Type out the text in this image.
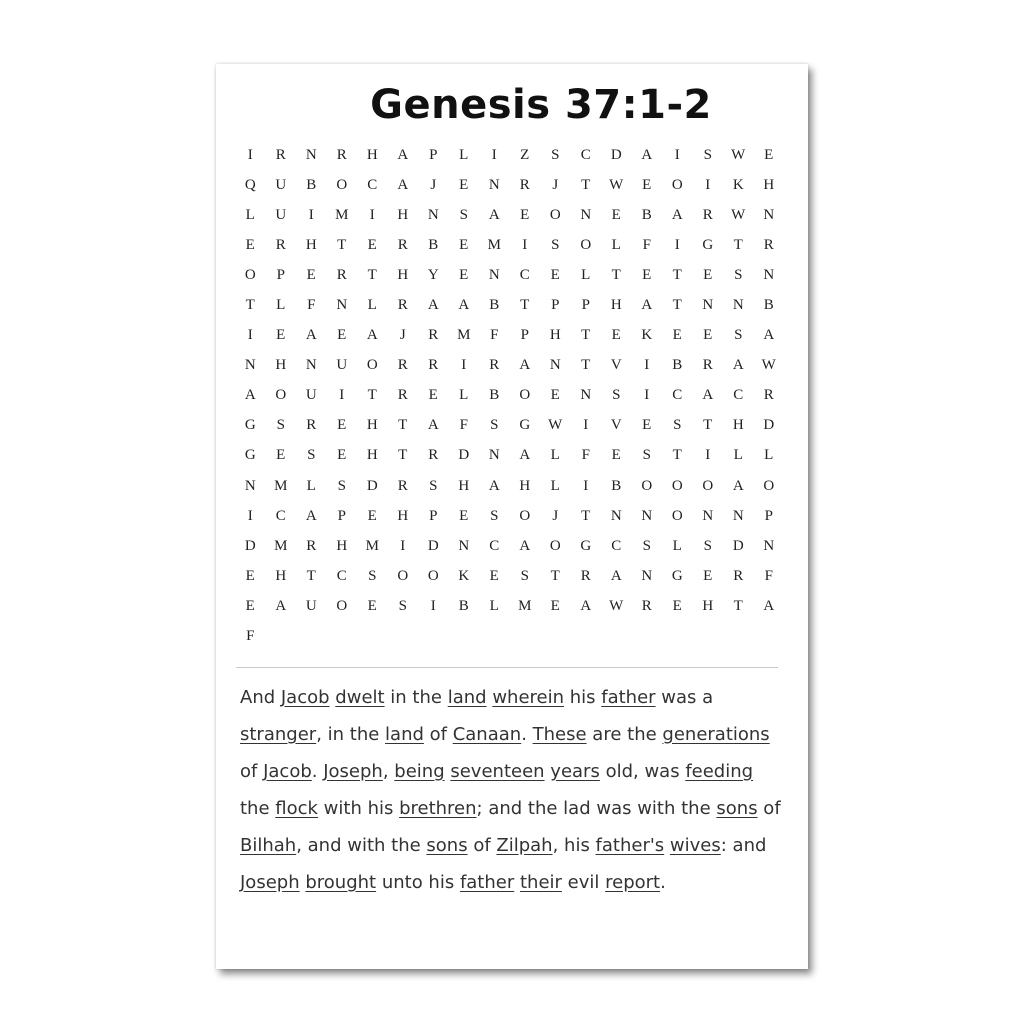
Genesis 37:1-2
I	R	N	R	H	A	P	L	I	Z	S	C	D	A	I	S	W	E
Q	U	B	O	C	A	J	E	N	R	J	T	W	E	O	I	K	H
L	U	I	M	I	H	N	S	A	E	O	N	E	B	A	R	W	N
E	R	H	T	E	R	B	E	M	I	S	O	L	F	I	G	T	R
O	P	E	R	T	H	Y	E	N	C	E	L	T	E	T	E	S	N
T	L	F	N	L	R	A	A	B	T	P	P	H	A	T	N	N	B
I	E	A	E	A	J	R	M	F	P	H	T	E	K	E	E	S	A
N	H	N	U	O	R	R	I	R	A	N	T	V	I	B	R	A	W
A	O	U	I	T	R	E	L	B	O	E	N	S	I	C	A	C	R
G	S	R	E	H	T	A	F	S	G	W	I	V	E	S	T	H	D
G	E	S	E	H	T	R	D	N	A	L	F	E	S	T	I	L	L
N	M	L	S	D	R	S	H	A	H	L	I	B	O	O	O	A	O
I	C	A	P	E	H	P	E	S	O	J	T	N	N	O	N	N	P
D	M	R	H	M	I	D	N	C	A	O	G	C	S	L	S	D	N
E	H	T	C	S	O	O	K	E	S	T	R	A	N	G	E	R	F
E	A	U	O	E	S	I	B	L	M	E	A	W	R	E	H	T	A
F

And Jacob dwelt in the land wherein his father was a stranger, in the land of Canaan. These are the generations of Jacob. Joseph, being seventeen years old, was feeding the flock with his brethren; and the lad was with the sons of Bilhah, and with the sons of Zilpah, his father's wives: and Joseph brought unto his father their evil report.
